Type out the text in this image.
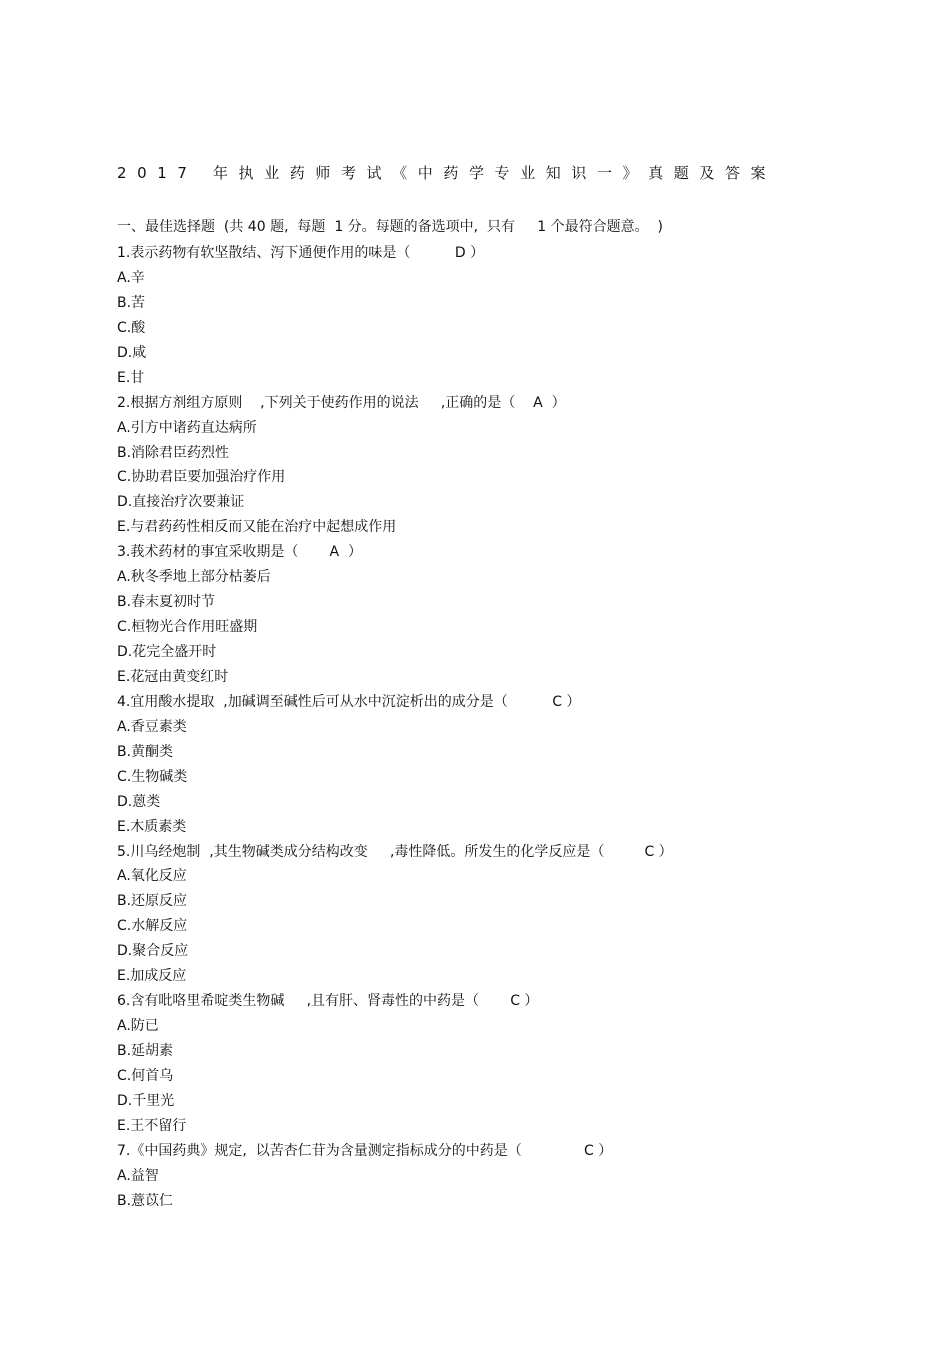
2017 年执业药师考试《中药学专业知识一》真题及答案
一、最佳选择题  (共 40 题,  每题  1 分。每题的备选项中,  只有     1 个最符合题意。  )
1.表示药物有软坚散结、泻下通便作用的味是（          D ）
A.辛
B.苦
C.酸
D.咸
E.甘
2.根据方剂组方原则    ,下列关于使药作用的说法     ,正确的是（    A  ）
A.引方中诸药直达病所
B.消除君臣药烈性
C.协助君臣要加强治疗作用
D.直接治疗次要兼证
E.与君药药性相反而又能在治疗中起想成作用
3.莪术药材的事宜采收期是（       A  ）
A.秋冬季地上部分枯萎后
B.春末夏初时节
C.桓物光合作用旺盛期
D.花完全盛开时
E.花冠由黄变红时
4.宜用酸水提取  ,加碱调至碱性后可从水中沉淀析出的成分是（          C ）
A.香豆素类
B.黄酮类
C.生物碱类
D.蒽类
E.木质素类
5.川乌经炮制  ,其生物碱类成分结构改变     ,毒性降低。所发生的化学反应是（         C ）
A.氧化反应
B.还原反应
C.水解反应
D.聚合反应
E.加成反应
6.含有吡咯里希啶类生物碱     ,且有肝、肾毒性的中药是（       C ）
A.防已
B.延胡素
C.何首乌
D.千里光
E.王不留行
7.《中国药典》规定,  以苦杏仁苷为含量测定指标成分的中药是（              C ）
A.益智
B.薏苡仁
